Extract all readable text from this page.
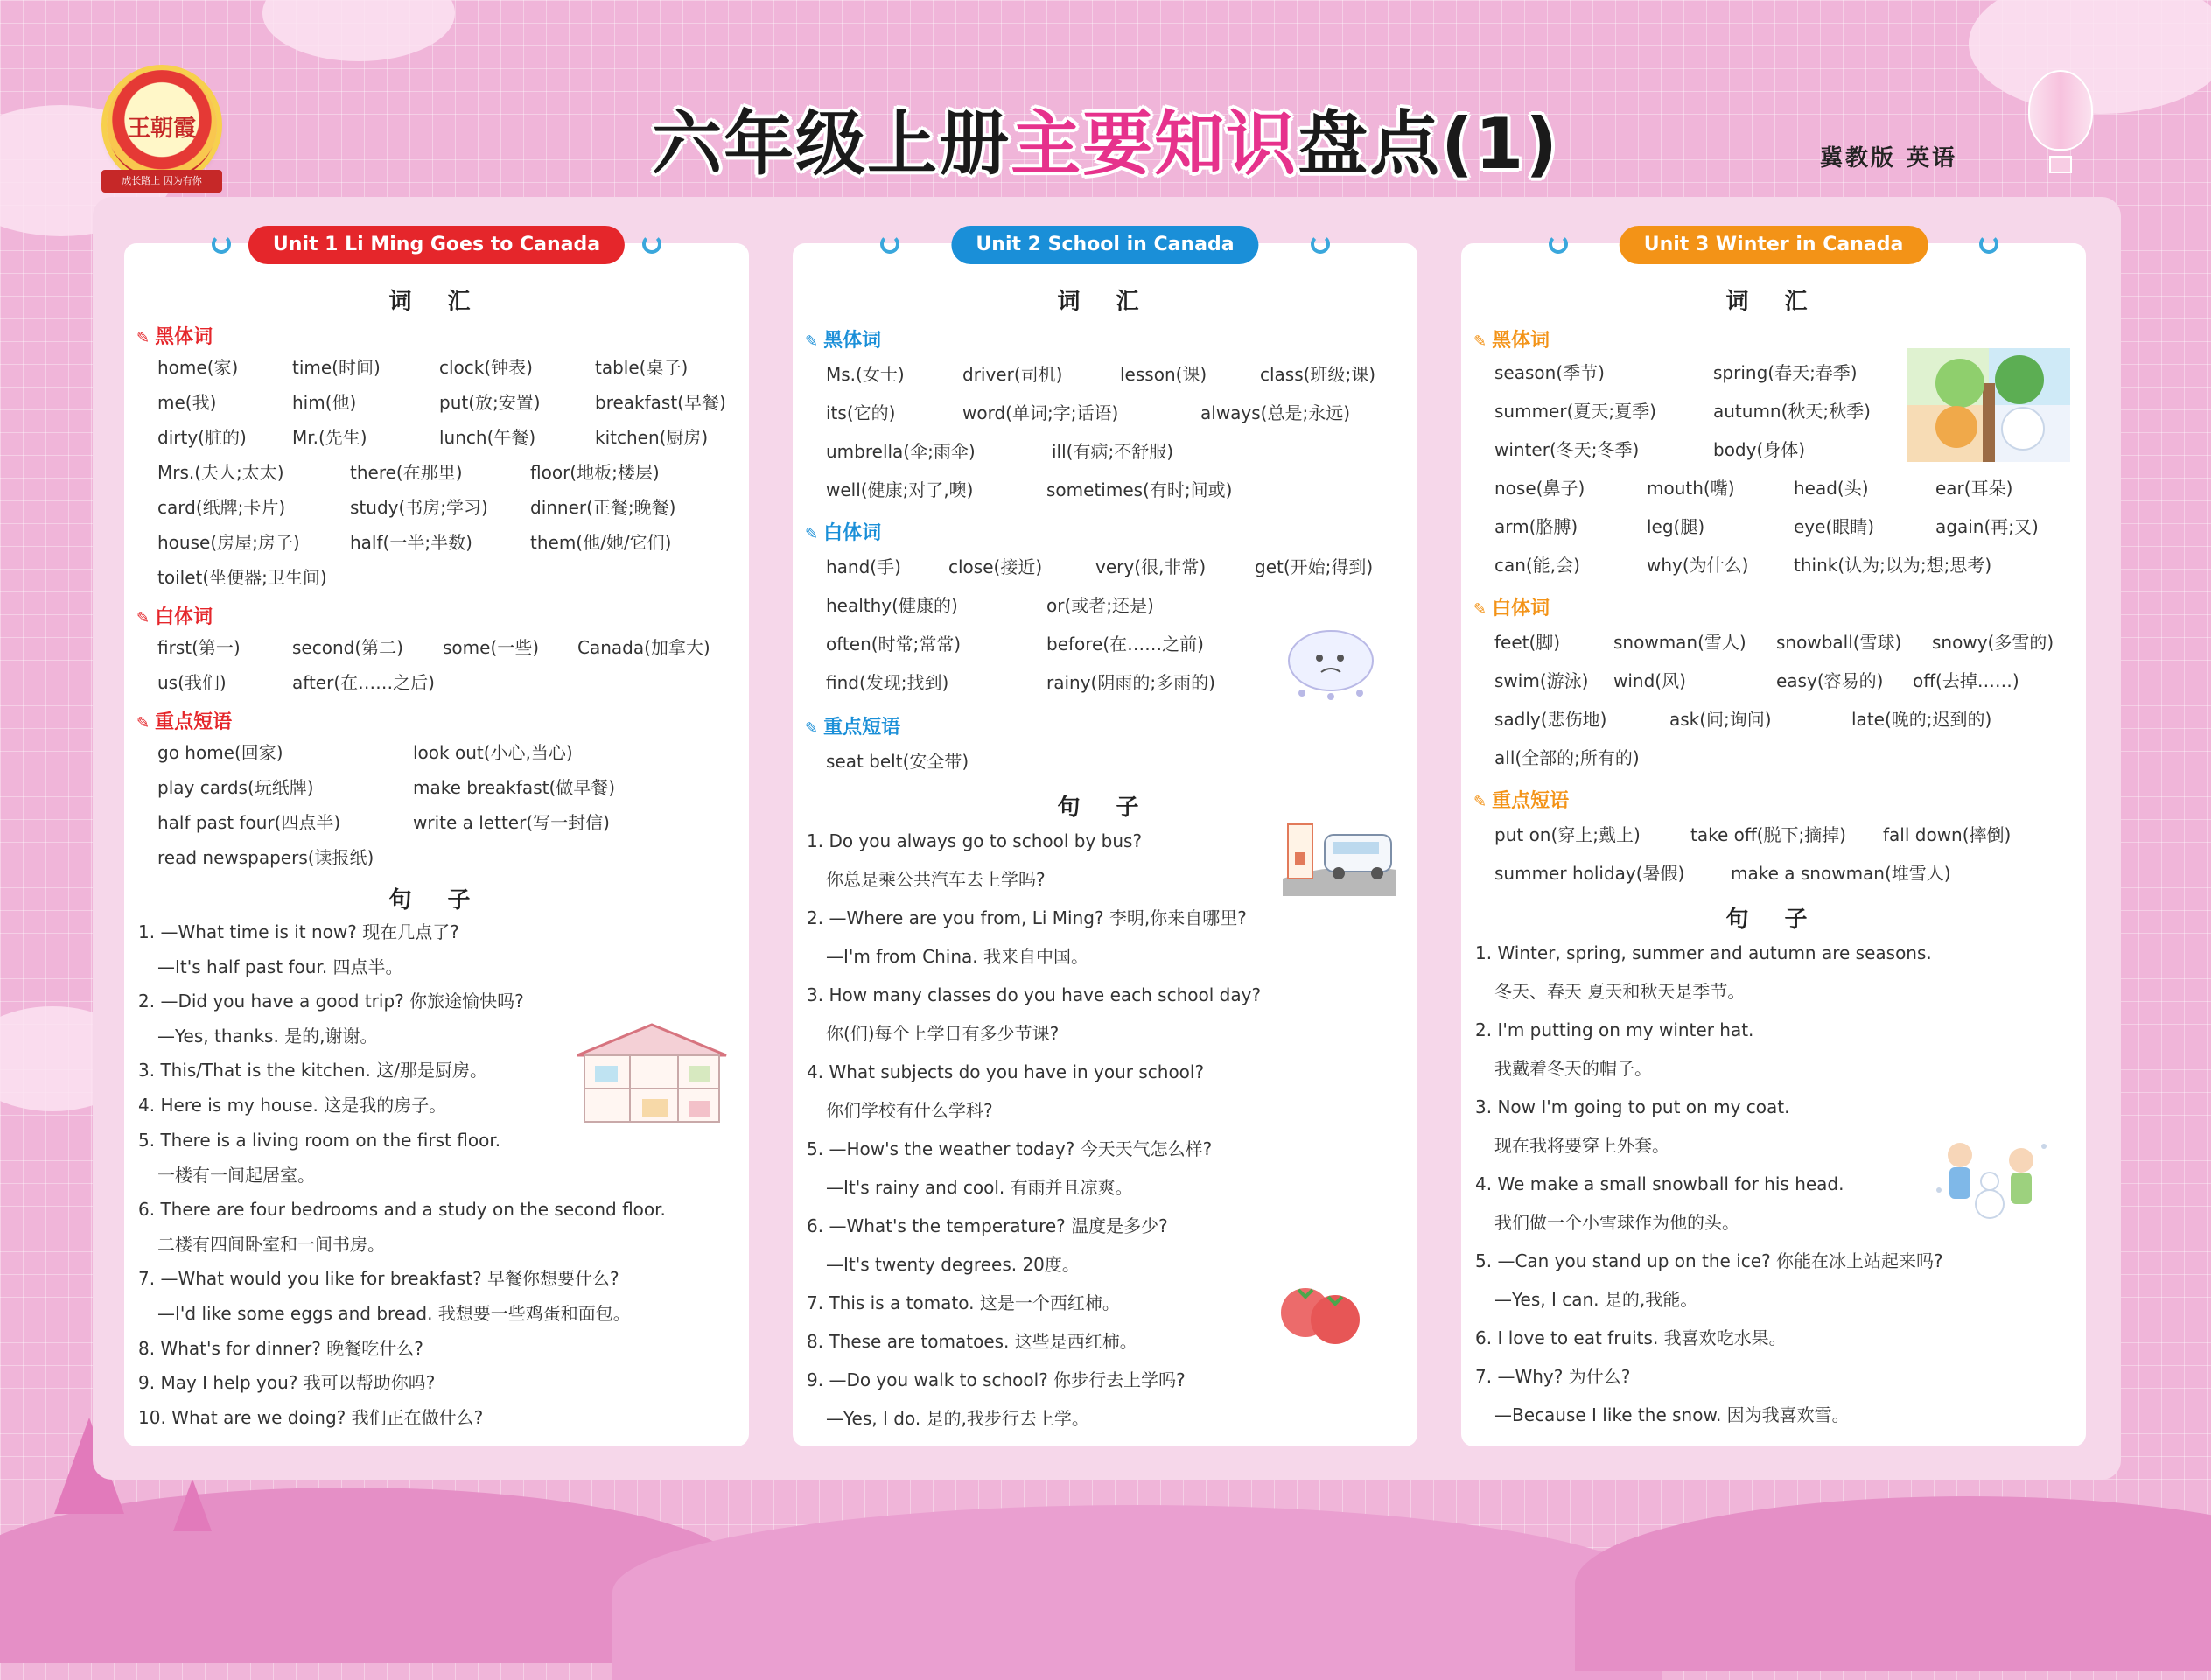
王朝霞
成长路上 因为有你	六年级上册主要知识盘点(1)	冀教版 英语
Unit 1 Li Ming Goes to Canada
词 汇
✎ 黑体词
home(家)	time(时间)	clock(钟表)	table(桌子)
me(我)	him(他)	put(放;安置)	breakfast(早餐)
dirty(脏的)	Mr.(先生)	lunch(午餐)	kitchen(厨房)
Mrs.(夫人;太太)	there(在那里)	floor(地板;楼层)
card(纸牌;卡片)	study(书房;学习) dinner(正餐;晚餐)
house(房屋;房子)	half(一半;半数)	them(他/她/它们)
toilet(坐便器;卫生间)
✎ 白体词
first(第一)	second(第二) some(一些) Canada(加拿大)
us(我们)	after(在……之后)
✎ 重点短语
go home(回家)	look out(小心,当心)
play cards(玩纸牌)	make breakfast(做早餐)
half past four(四点半)	write a letter(写一封信)
read newspapers(读报纸)
句 子
1. —What time is it now? 现在几点了?
—It's half past four. 四点半。
2. —Did you have a good trip? 你旅途愉快吗?
—Yes, thanks. 是的,谢谢。
3. This/That is the kitchen. 这/那是厨房。
4. Here is my house. 这是我的房子。
5. There is a living room on the first floor.
一楼有一间起居室。
6. There are four bedrooms and a study on the second floor.
二楼有四间卧室和一间书房。
7. —What would you like for breakfast? 早餐你想要什么?
—I'd like some eggs and bread. 我想要一些鸡蛋和面包。
8. What's for dinner? 晚餐吃什么?
9. May I help you? 我可以帮助你吗?
10. What are we doing? 我们正在做什么?
Unit 2 School in Canada
词 汇
✎ 黑体词
Ms.(女士)	driver(司机)	lesson(课)	class(班级;课)
its(它的)	word(单词;字;话语)	always(总是;永远)
umbrella(伞;雨伞)	ill(有病;不舒服)
well(健康;对了,噢)	sometimes(有时;间或)
✎ 白体词
hand(手)	close(接近)	very(很,非常)	get(开始;得到)
healthy(健康的)	or(或者;还是)
often(时常;常常)	before(在……之前)
find(发现;找到)	rainy(阴雨的;多雨的)
✎ 重点短语
seat belt(安全带)
句 子
1. Do you always go to school by bus?
你总是乘公共汽车去上学吗?
2. —Where are you from, Li Ming? 李明,你来自哪里?
—I'm from China. 我来自中国。
3. How many classes do you have each school day?
你(们)每个上学日有多少节课?
4. What subjects do you have in your school?
你们学校有什么学科?
5. —How's the weather today? 今天天气怎么样?
—It's rainy and cool. 有雨并且凉爽。
6. —What's the temperature? 温度是多少?
—It's twenty degrees. 20度。
7. This is a tomato. 这是一个西红柿。
8. These are tomatoes. 这些是西红柿。
9. —Do you walk to school? 你步行去上学吗?
—Yes, I do. 是的,我步行去上学。
Unit 3 Winter in Canada
词 汇
✎ 黑体词
season(季节)	spring(春天;春季)
summer(夏天;夏季)	autumn(秋天;秋季)
winter(冬天;冬季)	body(身体)
nose(鼻子)	mouth(嘴)	head(头)	ear(耳朵)
arm(胳膊)	leg(腿)	eye(眼睛)	again(再;又)
can(能,会)	why(为什么)	think(认为;以为;想;思考)
✎ 白体词
feet(脚)	snowman(雪人) snowball(雪球) snowy(多雪的)
swim(游泳) wind(风)	easy(容易的) off(去掉……)
sadly(悲伤地)	ask(问;询问)	late(晚的;迟到的)
all(全部的;所有的)
✎ 重点短语
put on(穿上;戴上)	take off(脱下;摘掉) fall down(摔倒)
summer holiday(暑假)	make a snowman(堆雪人)
句 子
1. Winter, spring, summer and autumn are seasons.
冬天、春天 夏天和秋天是季节。
2. I'm putting on my winter hat.
我戴着冬天的帽子。
3. Now I'm going to put on my coat.
现在我将要穿上外套。
4. We make a small snowball for his head.
我们做一个小雪球作为他的头。
5. —Can you stand up on the ice? 你能在冰上站起来吗?
—Yes, I can. 是的,我能。
6. I love to eat fruits. 我喜欢吃水果。
7. —Why? 为什么?
—Because I like the snow. 因为我喜欢雪。
